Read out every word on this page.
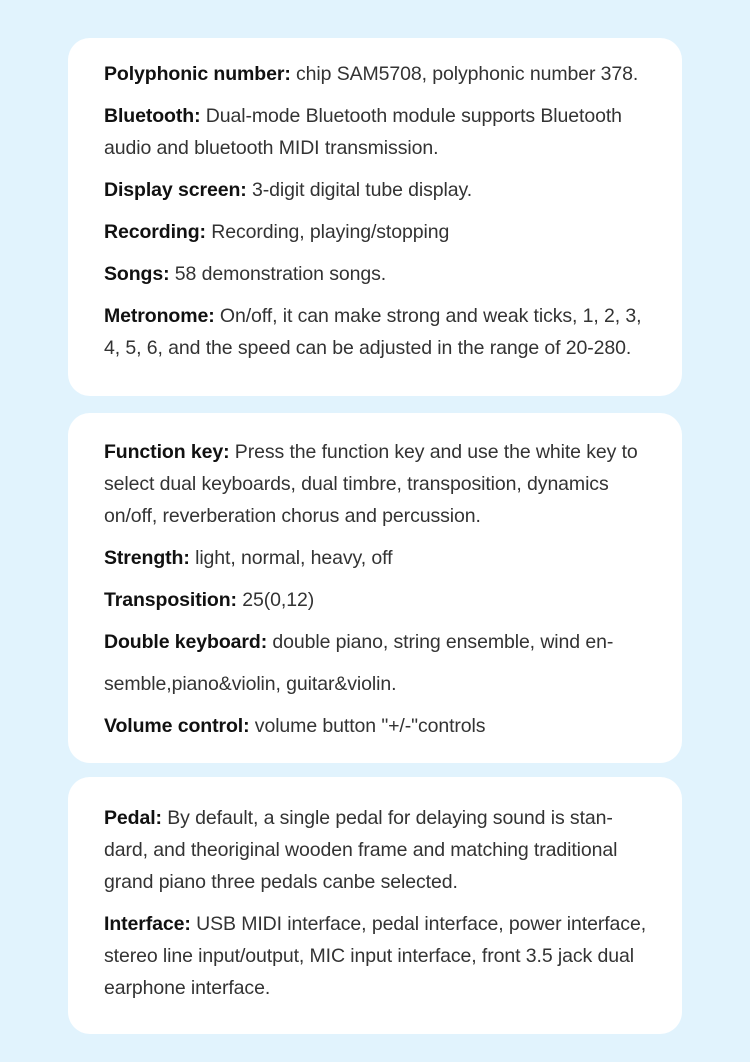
Polyphonic number: chip SAM5708, polyphonic number 378.
Bluetooth: Dual-mode Bluetooth module supports Bluetooth audio and bluetooth MIDI transmission.
Display screen: 3-digit digital tube display.
Recording: Recording, playing/stopping
Songs: 58 demonstration songs.
Metronome: On/off, it can make strong and weak ticks, 1, 2, 3, 4, 5, 6, and the speed can be adjusted in the range of 20-280.
Function key: Press the function key and use the white key to select dual keyboards, dual timbre, transposition, dynamics on/off, reverberation chorus and percussion.
Strength: light, normal, heavy, off
Transposition: 25(0,12)
Double keyboard: double piano, string ensemble, wind en-semble,piano&violin, guitar&violin.
Volume control: volume button "+/-"controls
Pedal: By default, a single pedal for delaying sound is stan-dard, and theoriginal wooden frame and matching traditional grand piano three pedals canbe selected.
Interface: USB MIDI interface, pedal interface, power interface, stereo line input/output, MIC input interface, front 3.5 jack dual earphone interface.
